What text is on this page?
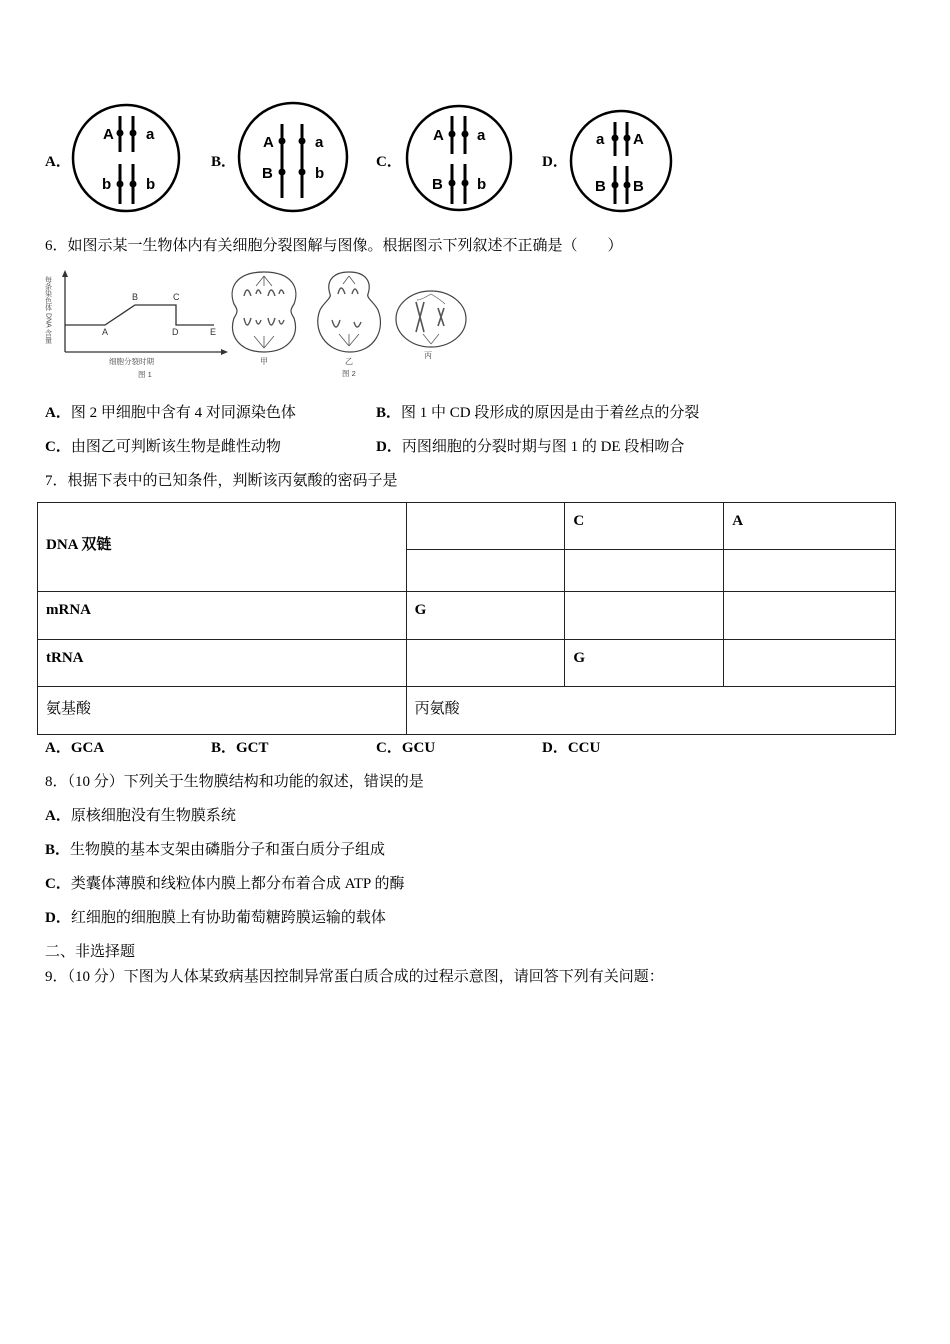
A．
A a
b b
B．
A	a
B	b
C．
A a
B b
D．
a A
B B
6．如图示某一生物体内有关细胞分裂图解与图像。根据图示下列叙述不正确是（　　）
每条染色体 DNA 含量	A
B	C
D	E
细胞分裂时期
图 1
甲	乙
图 2
丙
A．图 2 甲细胞中含有 4 对同源染色体	B．图 1 中 CD 段形成的原因是由于着丝点的分裂
C．由图乙可判断该生物是雌性动物	D．丙图细胞的分裂时期与图 1 的 DE 段相吻合
7．根据下表中的已知条件，判断该丙氨酸的密码子是
DNA 双链		C	A

mRNA	G		
tRNA		G	
氨基酸	丙氨酸		
A．GCA	B．GCT	C．GCU	D．CCU
8．（10 分）下列关于生物膜结构和功能的叙述，错误的是
A．原核细胞没有生物膜系统
B．生物膜的基本支架由磷脂分子和蛋白质分子组成
C．类囊体薄膜和线粒体内膜上都分布着合成 ATP 的酶
D．红细胞的细胞膜上有协助葡萄糖跨膜运输的载体
二、非选择题
9．（10 分）下图为人体某致病基因控制异常蛋白质合成的过程示意图，请回答下列有关问题：
